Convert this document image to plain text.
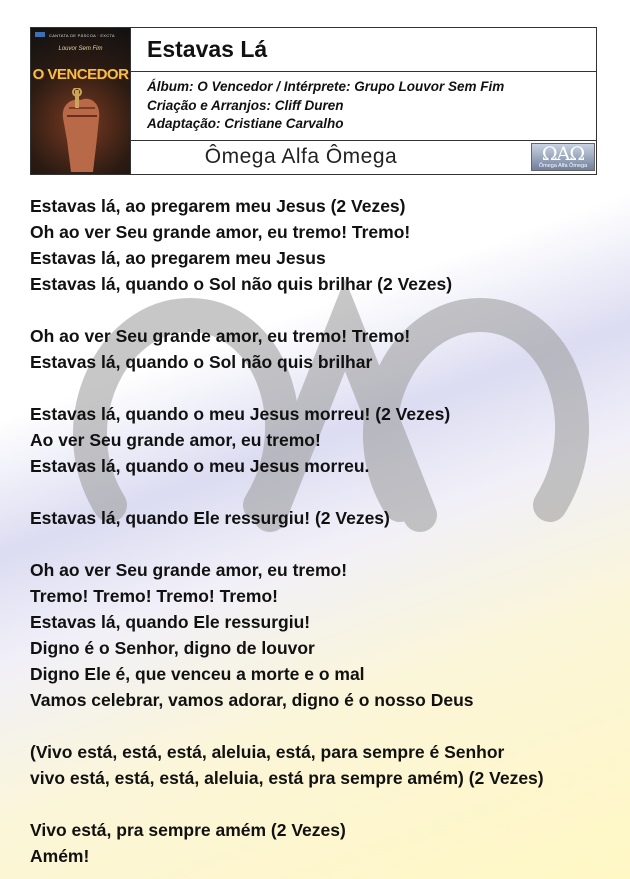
CANTATA DE PÁSCOA · EXCTA
Louvor Sem Fim
O VENCEDOR
Estavas Lá
Álbum: O Vencedor / Intérprete: Grupo Louvor Sem Fim
Criação e Arranjos: Cliff Duren
Adaptação: Cristiane Carvalho
Ômega Alfa Ômega	ΩΑΩ
Ômega Alfa Ômega
Estavas lá, ao pregarem meu Jesus (2 Vezes)
Oh ao ver Seu grande amor, eu tremo! Tremo!
Estavas lá, ao pregarem meu Jesus
Estavas lá, quando o Sol não quis brilhar (2 Vezes)
Oh ao ver Seu grande amor, eu tremo! Tremo!
Estavas lá, quando o Sol não quis brilhar
Estavas lá, quando o meu Jesus morreu! (2 Vezes)
Ao ver Seu grande amor, eu tremo!
Estavas lá, quando o meu Jesus morreu.
Estavas lá, quando Ele ressurgiu! (2 Vezes)
Oh ao ver Seu grande amor, eu tremo!
Tremo! Tremo! Tremo! Tremo!
Estavas lá, quando Ele ressurgiu!
Digno é o Senhor, digno de louvor
Digno Ele é, que venceu a morte e o mal
Vamos celebrar, vamos adorar, digno é o nosso Deus
(Vivo está, está, está, aleluia, está, para sempre é Senhor
vivo está, está, está, aleluia, está pra sempre amém) (2 Vezes)
Vivo está, pra sempre amém (2 Vezes)
Amém!
